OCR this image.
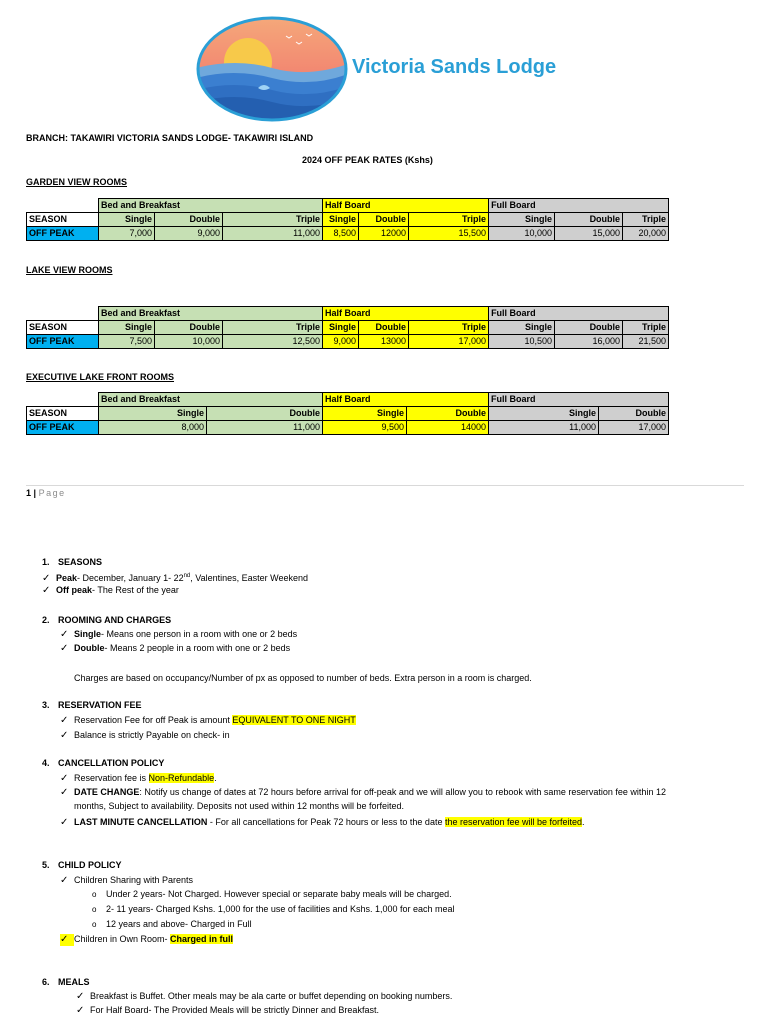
Victoria Sands Lodge
BRANCH: TAKAWIRI VICTORIA SANDS LODGE- TAKAWIRI ISLAND
2024 OFF PEAK RATES (Kshs)
GARDEN VIEW ROOMS
	Bed and Breakfast			Half Board			Full Board		
SEASON	Single	Double	Triple	Single	Double	Triple	Single	Double	Triple
OFF PEAK	7,000	9,000	11,000	8,500	12000	15,500	10,000	15,000	20,000
LAKE VIEW ROOMS
	Bed and Breakfast			Half Board			Full Board		
SEASON	Single	Double	Triple	Single	Double	Triple	Single	Double	Triple
OFF PEAK	7,500	10,000	12,500	9,000	13000	17,000	10,500	16,000	21,500
EXECUTIVE LAKE FRONT ROOMS
	Bed and Breakfast		Half Board		Full Board	
SEASON	Single	Double	Single	Double	Single	Double
OFF PEAK	8,000	11,000	9,500	14000	11,000	17,000
1 | Page
1. SEASONS
✓ Peak- December, January 1- 22nd, Valentines, Easter Weekend
✓ Off peak- The Rest of the year
2. ROOMING AND CHARGES
✓ Single- Means one person in a room with one or 2 beds
✓ Double- Means 2 people in a room with one or 2 beds
Charges are based on occupancy/Number of px as opposed to number of beds. Extra person in a room is charged.
3. RESERVATION FEE
✓ Reservation Fee for off Peak is amount EQUIVALENT TO ONE NIGHT
✓ Balance is strictly Payable on check- in
4. CANCELLATION POLICY
✓ Reservation fee is Non-Refundable.
✓ DATE CHANGE: Notify us change of dates at 72 hours before arrival for off-peak and we will allow you to rebook with same reservation fee within 12
months, Subject to availability. Deposits not used within 12 months will be forfeited.
✓ LAST MINUTE CANCELLATION - For all cancellations for Peak 72 hours or less to the date the reservation fee will be forfeited.
5. CHILD POLICY
✓ Children Sharing with Parents
o Under 2 years- Not Charged. However special or separate baby meals will be charged.
o 2- 11 years- Charged Kshs. 1,000 for the use of facilities and Kshs. 1,000 for each meal
o 12 years and above- Charged in Full
✓ Children in Own Room- Charged in full
6. MEALS
✓ Breakfast is Buffet. Other meals may be ala carte or buffet depending on booking numbers.
✓ For Half Board- The Provided Meals will be strictly Dinner and Breakfast.
